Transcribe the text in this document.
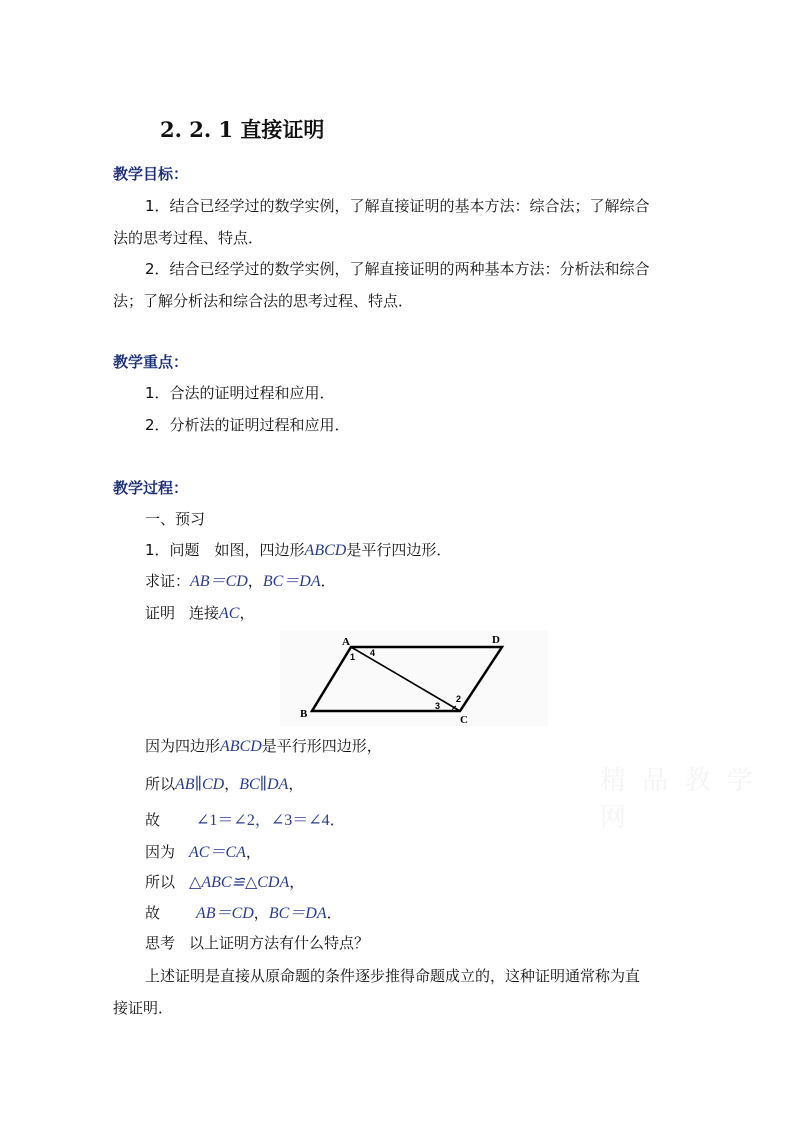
2. 2. 1 直接证明
教学目标：
1．结合已经学过的数学实例，了解直接证明的基本方法：综合法；了解综合
法的思考过程、特点．
2．结合已经学过的数学实例，了解直接证明的两种基本方法：分析法和综合
法；了解分析法和综合法的思考过程、特点．
教学重点：
1．合法的证明过程和应用．
2．分析法的证明过程和应用．
教学过程：
一、预习
1．问题　如图，四边形ABCD是平行四边形．
求证：AB＝CD，BC＝DA．
证明 连接AC，
A	D
B	C
1 4
3
2
因为四边形ABCD是平行形四边形，
所以AB∥CD，BC∥DA，
故 ∠1＝∠2，∠3＝∠4．
因为 AC＝CA，
所以 △ABC≌△CDA，
故 AB＝CD，BC＝DA．
思考 以上证明方法有什么特点？
上述证明是直接从原命题的条件逐步推得命题成立的，这种证明通常称为直
接证明．
精 品 教 学 网
